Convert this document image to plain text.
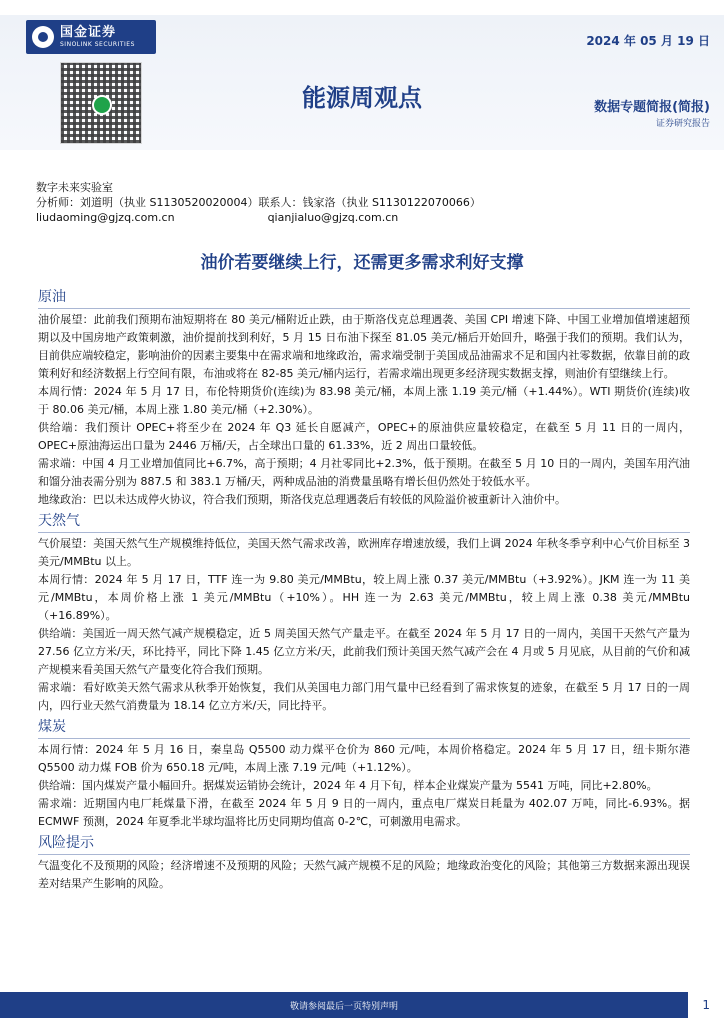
国金证券
SINOLINK SECURITIES	2024 年 05 月 19 日
能源周观点	数据专题简报(简报)
证券研究报告
数字未来实验室
分析师：刘道明（执业 S1130520020004）联系人：钱家洛（执业 S1130122070066）
liudaoming@gjzq.com.cn	qianjialuo@gjzq.com.cn
油价若要继续上行，还需更多需求利好支撑
原油

油价展望：此前我们预期布油短期将在 80 美元/桶附近止跌，由于斯洛伐克总理遇袭、美国 CPI 增速下降、中国工业增加值增速超预期以及中国房地产政策刺激，油价提前找到利好，5 月 15 日布油下探至 81.05 美元/桶后开始回升，略强于我们的预期。我们认为，目前供应端较稳定，影响油价的因素主要集中在需求端和地缘政治，需求端受制于美国成品油需求不足和国内社零数据，依靠目前的政策利好和经济数据上行空间有限，布油或将在 82-85 美元/桶内运行，若需求端出现更多经济现实数据支撑，则油价有望继续上行。

本周行情：2024 年 5 月 17 日，布伦特期货价(连续)为 83.98 美元/桶，本周上涨 1.19 美元/桶（+1.44%）。WTI 期货价(连续)收于 80.06 美元/桶，本周上涨 1.80 美元/桶（+2.30%）。

供给端：我们预计 OPEC+将至少在 2024 年 Q3 延长自愿减产，OPEC+的原油供应量较稳定，在截至 5 月 11 日的一周内，OPEC+原油海运出口量为 2446 万桶/天，占全球出口量的 61.33%，近 2 周出口量较低。

需求端：中国 4 月工业增加值同比+6.7%，高于预期；4 月社零同比+2.3%，低于预期。在截至 5 月 10 日的一周内，美国车用汽油和馏分油表需分别为 887.5 和 383.1 万桶/天，两种成品油的消费量虽略有增长但仍然处于较低水平。

地缘政治：巴以未达成停火协议，符合我们预期，斯洛伐克总理遇袭后有较低的风险溢价被重新计入油价中。

天然气

气价展望：美国天然气生产规模维持低位，美国天然气需求改善，欧洲库存增速放缓，我们上调 2024 年秋冬季亨利中心气价目标至 3 美元/MMBtu 以上。

本周行情：2024 年 5 月 17 日，TTF 连一为 9.80 美元/MMBtu，较上周上涨 0.37 美元/MMBtu（+3.92%）。JKM 连一为 11 美元/MMBtu，本周价格上涨 1 美元/MMBtu（+10%）。HH 连一为 2.63 美元/MMBtu，较上周上涨 0.38 美元/MMBtu（+16.89%）。

供给端：美国近一周天然气减产规模稳定，近 5 周美国天然气产量走平。在截至 2024 年 5 月 17 日的一周内，美国干天然气产量为 27.56 亿立方米/天，环比持平，同比下降 1.45 亿立方米/天，此前我们预计美国天然气减产会在 4 月或 5 月见底，从目前的气价和减产规模来看美国天然气产量变化符合我们预期。

需求端：看好欧美天然气需求从秋季开始恢复，我们从美国电力部门用气量中已经看到了需求恢复的迹象，在截至 5 月 17 日的一周内，四行业天然气消费量为 18.14 亿立方米/天，同比持平。

煤炭

本周行情：2024 年 5 月 16 日，秦皇岛 Q5500 动力煤平仓价为 860 元/吨，本周价格稳定。2024 年 5 月 17 日，纽卡斯尔港 Q5500 动力煤 FOB 价为 650.18 元/吨，本周上涨 7.19 元/吨（+1.12%）。

供给端：国内煤炭产量小幅回升。据煤炭运销协会统计，2024 年 4 月下旬，样本企业煤炭产量为 5541 万吨，同比+2.80%。

需求端：近期国内电厂耗煤量下滑，在截至 2024 年 5 月 9 日的一周内，重点电厂煤炭日耗量为 402.07 万吨，同比-6.93%。据 ECMWF 预测，2024 年夏季北半球均温将比历史同期均值高 0-2℃，可刺激用电需求。

风险提示

气温变化不及预期的风险；经济增速不及预期的风险；天然气减产规模不足的风险；地缘政治变化的风险；其他第三方数据来源出现误差对结果产生影响的风险。

敬请参阅最后一页特别声明	1
